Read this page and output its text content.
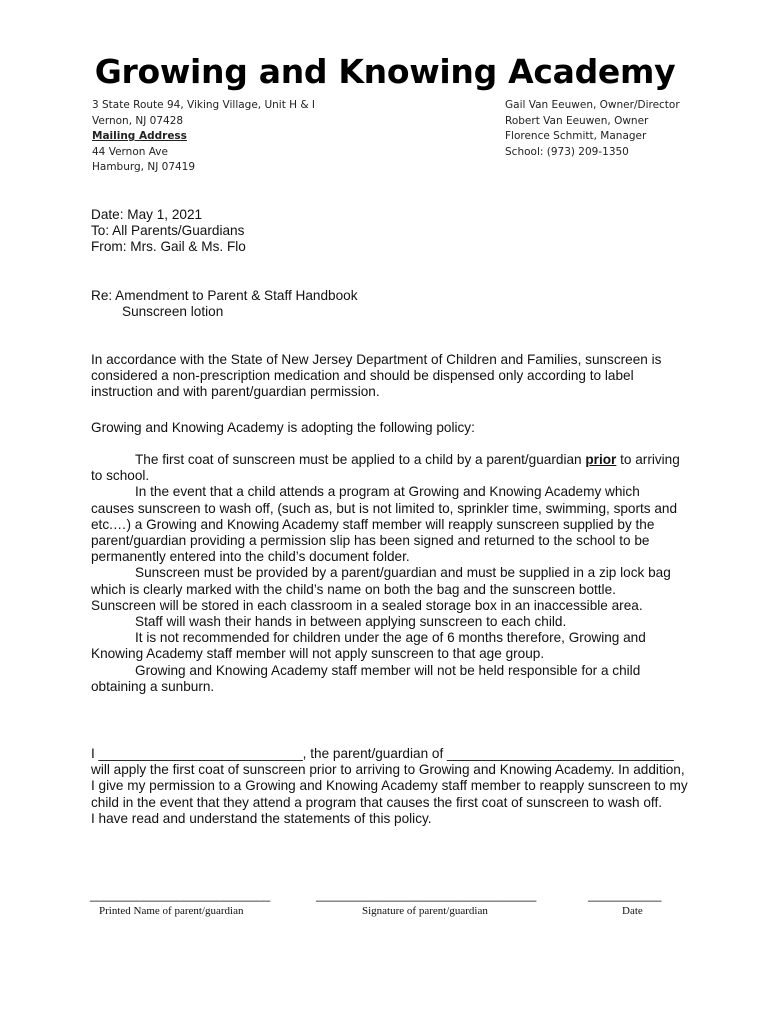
Growing and Knowing Academy
3 State Route 94, Viking Village, Unit H & I
Vernon, NJ 07428
Mailing Address
44 Vernon Ave
Hamburg, NJ 07419
Gail Van Eeuwen, Owner/Director
Robert Van Eeuwen, Owner
Florence Schmitt, Manager
School: (973) 209-1350
Date: May 1, 2021
To: All Parents/Guardians
From: Mrs. Gail & Ms. Flo
Re: Amendment to Parent & Staff Handbook
Sunscreen lotion
In accordance with the State of New Jersey Department of Children and Families, sunscreen is considered a non-prescription medication and should be dispensed only according to label instruction and with parent/guardian permission.
Growing and Knowing Academy is adopting the following policy:
The first coat of sunscreen must be applied to a child by a parent/guardian prior to arriving to school.
In the event that a child attends a program at Growing and Knowing Academy which causes sunscreen to wash off, (such as, but is not limited to, sprinkler time, swimming, sports and etc.…) a Growing and Knowing Academy staff member will reapply sunscreen supplied by the parent/guardian providing a permission slip has been signed and returned to the school to be permanently entered into the child’s document folder.
Sunscreen must be provided by a parent/guardian and must be supplied in a zip lock bag which is clearly marked with the child’s name on both the bag and the sunscreen bottle. Sunscreen will be stored in each classroom in a sealed storage box in an inaccessible area.
Staff will wash their hands in between applying sunscreen to each child.
It is not recommended for children under the age of 6 months therefore, Growing and Knowing Academy staff member will not apply sunscreen to that age group.
Growing and Knowing Academy staff member will not be held responsible for a child obtaining a sunburn.
I ___________________________, the parent/guardian of ______________________________
will apply the first coat of sunscreen prior to arriving to Growing and Knowing Academy. In addition, I give my permission to a Growing and Knowing Academy staff member to reapply sunscreen to my child in the event that they attend a program that causes the first coat of sunscreen to wash off.
I have read and understand the statements of this policy.
___________________________	_________________________________	___________
Printed Name of parent/guardian	Signature of parent/guardian	Date
